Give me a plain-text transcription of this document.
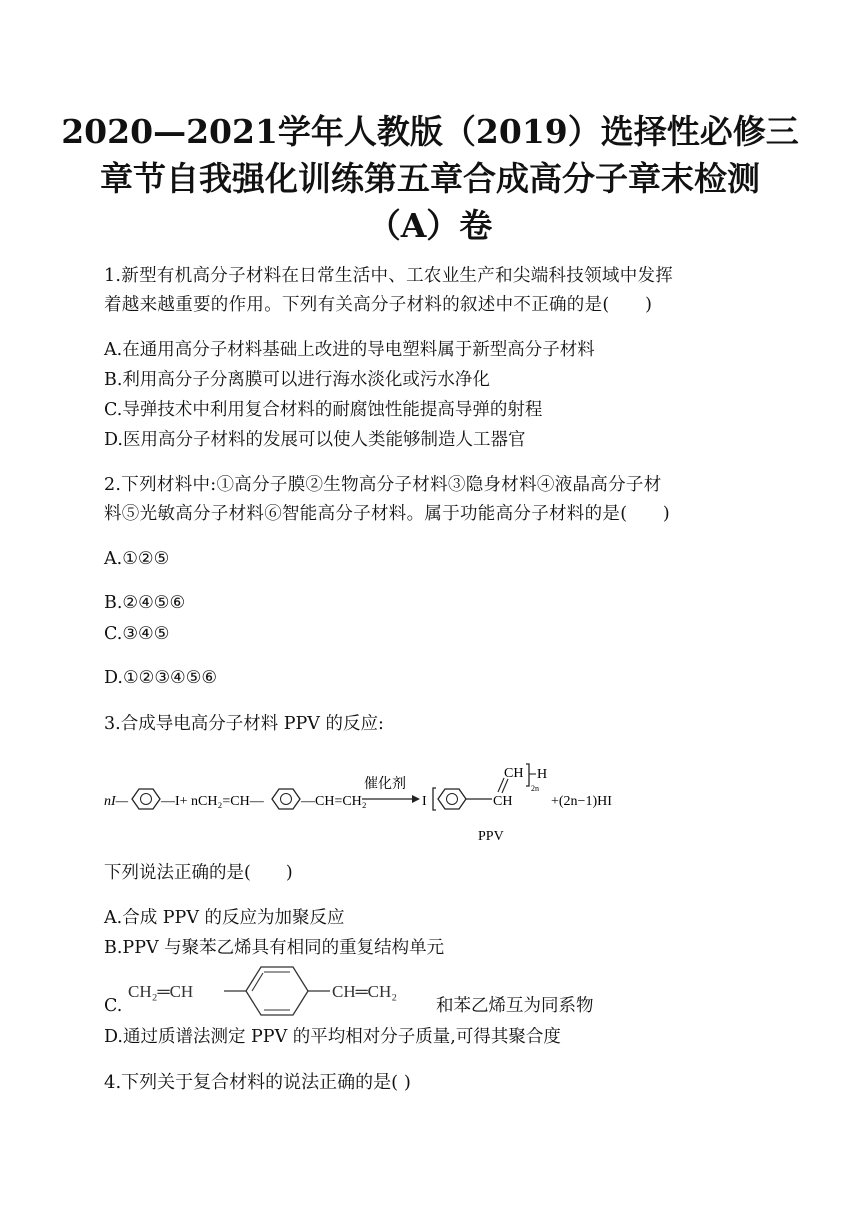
2020—2021学年人教版（2019）选择性必修三
章节自我强化训练第五章合成高分子章末检测
（A）卷
1.新型有机高分子材料在日常生活中、工农业生产和尖端科技领域中发挥
着越来越重要的作用。下列有关高分子材料的叙述中不正确的是(　　)
A.在通用高分子材料基础上改进的导电塑料属于新型高分子材料
B.利用高分子分离膜可以进行海水淡化或污水净化
C.导弹技术中利用复合材料的耐腐蚀性能提高导弹的射程
D.医用高分子材料的发展可以使人类能够制造人工器官
2.下列材料中:①高分子膜②生物高分子材料③隐身材料④液晶高分子材
料⑤光敏高分子材料⑥智能高分子材料。属于功能高分子材料的是(　　)
A.①②⑤
B.②④⑤⑥
C.③④⑤
D.①②③④⑤⑥
3.合成导电高分子材料 PPV 的反应:
nI— —I+ nCH₂=CH—	—CH=CH₂
催化剂
I	CH
CH H
2n
+(2n−1)HI
PPV
下列说法正确的是(　　)
A.合成 PPV 的反应为加聚反应
B.PPV 与聚苯乙烯具有相同的重复结构单元
C.
CH₂═CH	CH═CH₂
和苯乙烯互为同系物
D.通过质谱法测定 PPV 的平均相对分子质量,可得其聚合度
4.下列关于复合材料的说法正确的是( )
